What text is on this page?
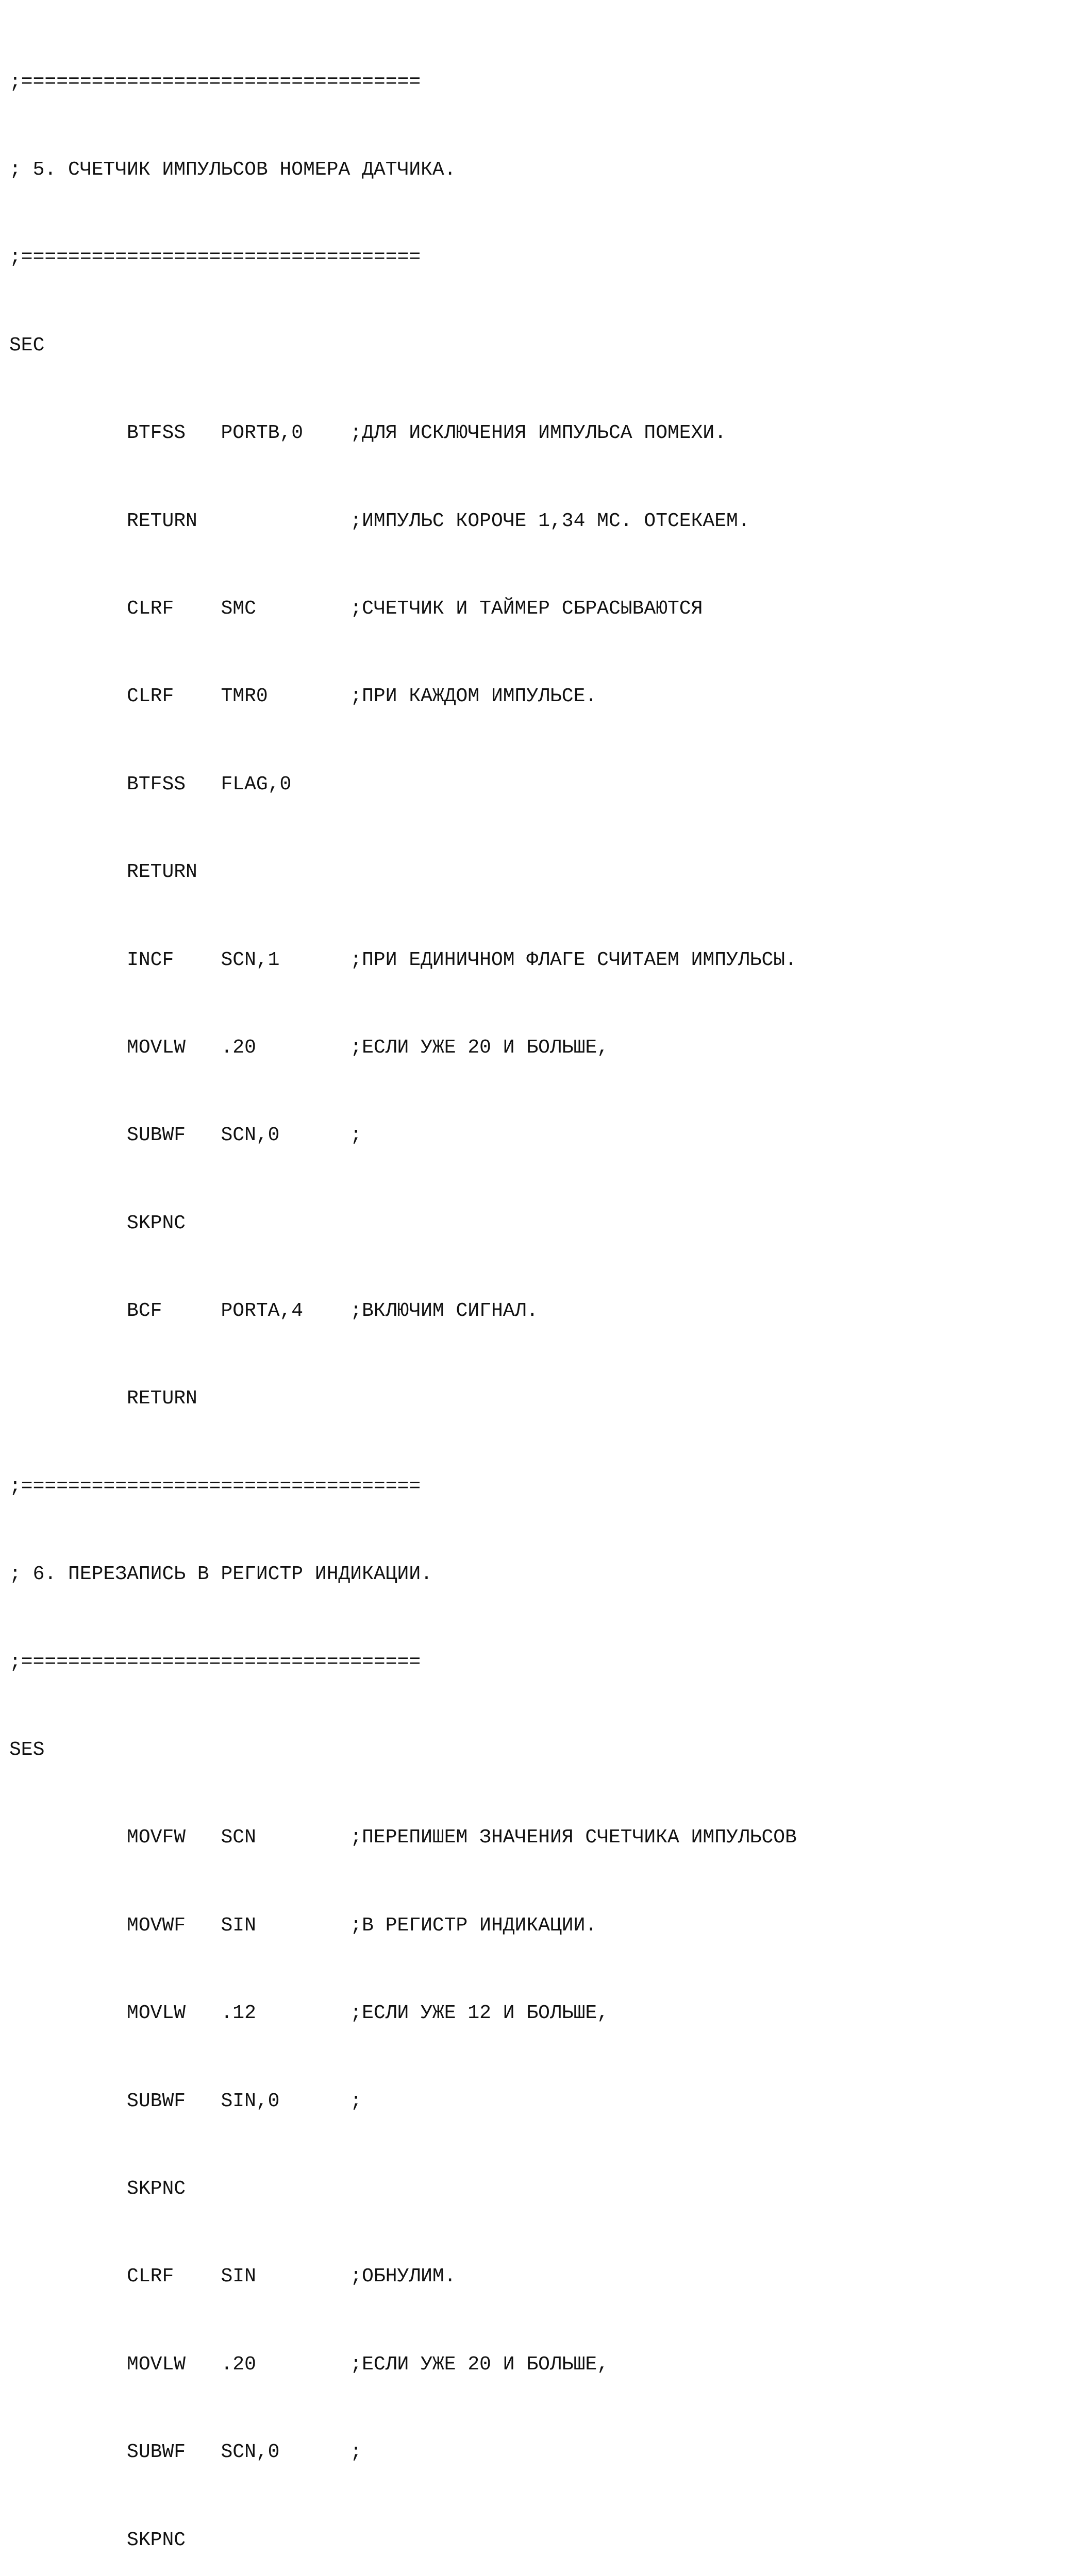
;==================================

; 5. СЧЕТЧИК ИМПУЛЬСОВ НОМЕРА ДАТЧИКА.

;==================================

SEC

BTFSS   PORTB,0    ;ДЛЯ ИСКЛЮЧЕНИЯ ИМПУЛЬСА ПОМЕХИ.

RETURN             ;ИМПУЛЬС КОРОЧЕ 1,34 МС. ОТСЕКАЕМ.

CLRF    SMC        ;СЧЕТЧИК И ТАЙМЕР СБРАСЫВАЮТСЯ

CLRF    TMR0       ;ПРИ КАЖДОМ ИМПУЛЬСЕ.

BTFSS   FLAG,0

RETURN

INCF    SCN,1      ;ПРИ ЕДИНИЧНОМ ФЛАГЕ СЧИТАЕМ ИМПУЛЬСЫ.

MOVLW   .20        ;ЕСЛИ УЖЕ 20 И БОЛЬШЕ,

SUBWF   SCN,0      ;

SKPNC

BCF     PORTA,4    ;ВКЛЮЧИМ СИГНАЛ.

RETURN

;==================================

; 6. ПЕРЕЗАПИСЬ В РЕГИСТР ИНДИКАЦИИ.

;==================================

SES

MOVFW   SCN        ;ПЕРЕПИШЕМ ЗНАЧЕНИЯ СЧЕТЧИКА ИМПУЛЬСОВ

MOVWF   SIN        ;В РЕГИСТР ИНДИКАЦИИ.

MOVLW   .12        ;ЕСЛИ УЖЕ 12 И БОЛЬШЕ,

SUBWF   SIN,0      ;

SKPNC

CLRF    SIN        ;ОБНУЛИМ.

MOVLW   .20        ;ЕСЛИ УЖЕ 20 И БОЛЬШЕ,

SUBWF   SCN,0      ;

SKPNC
